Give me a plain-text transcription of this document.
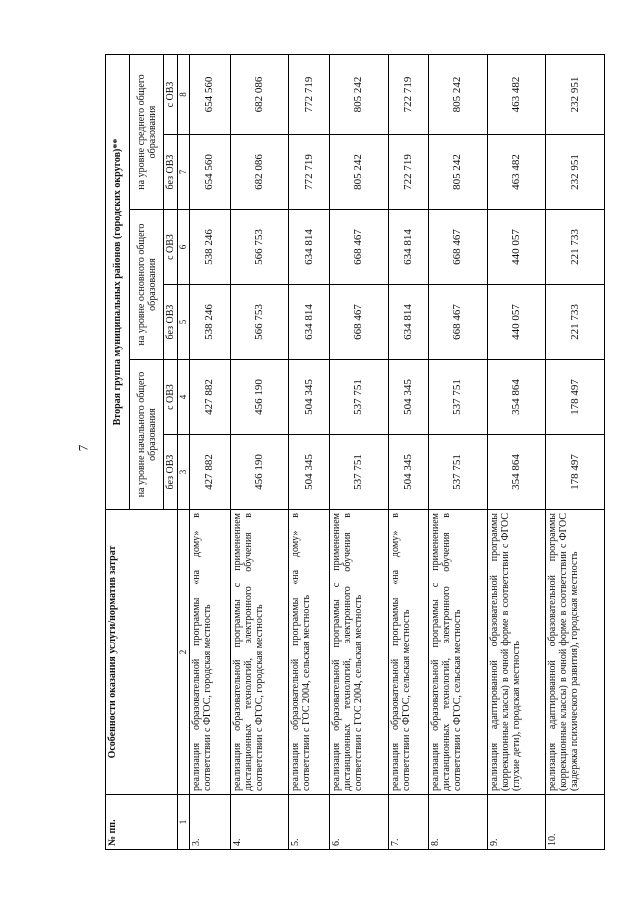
7
№ пп.	Особенности оказания услуги/норматив затрат	Вторая группа муниципальных районов (городских округов)**					
		на уровне начального общего образования		на уровне основного общего образования		на уровне среднего общего образования	
		без ОВЗ	с ОВЗ	без ОВЗ	с ОВЗ	без ОВЗ	с ОВЗ
1	2	3	4	5	6	7	8
3.	реализация образовательной программы «на дому» в соответствии с ФГОС, городская местность	427 882	427 882	538 246	538 246	654 560	654 560
4.	реализация образовательной программы с применением дистанционных технологий, электронного обучения в соответствии с ФГОС, городская местность	456 190	456 190	566 753	566 753	682 086	682 086
5.	реализация образовательной программы «на дому» в соответствии с ГОС 2004, сельская местность	504 345	504 345	634 814	634 814	772 719	772 719
6.	реализация образовательной программы с применением дистанционных технологий, электронного обучения в соответствии с ГОС 2004, сельская местность	537 751	537 751	668 467	668 467	805 242	805 242
7.	реализация образовательной программы «на дому» в соответствии с ФГОС, сельская местность	504 345	504 345	634 814	634 814	722 719	722 719
8.	реализация образовательной программы с применением дистанционных технологий, электронного обучения в соответствии с ФГОС, сельская местность	537 751	537 751	668 467	668 467	805 242	805 242
9.	реализация адаптированной образовательной программы (коррекционные классы) в очной форме в соответствии с ФГОС (глухие дети), городская местность	354 864	354 864	440 057	440 057	463 482	463 482
10.	реализация адаптированной образовательной программы (коррекционные классы) в очной форме в соответствии с ФГОС (задержка психического развития), городская местность	178 497	178 497	221 733	221 733	232 951	232 951
